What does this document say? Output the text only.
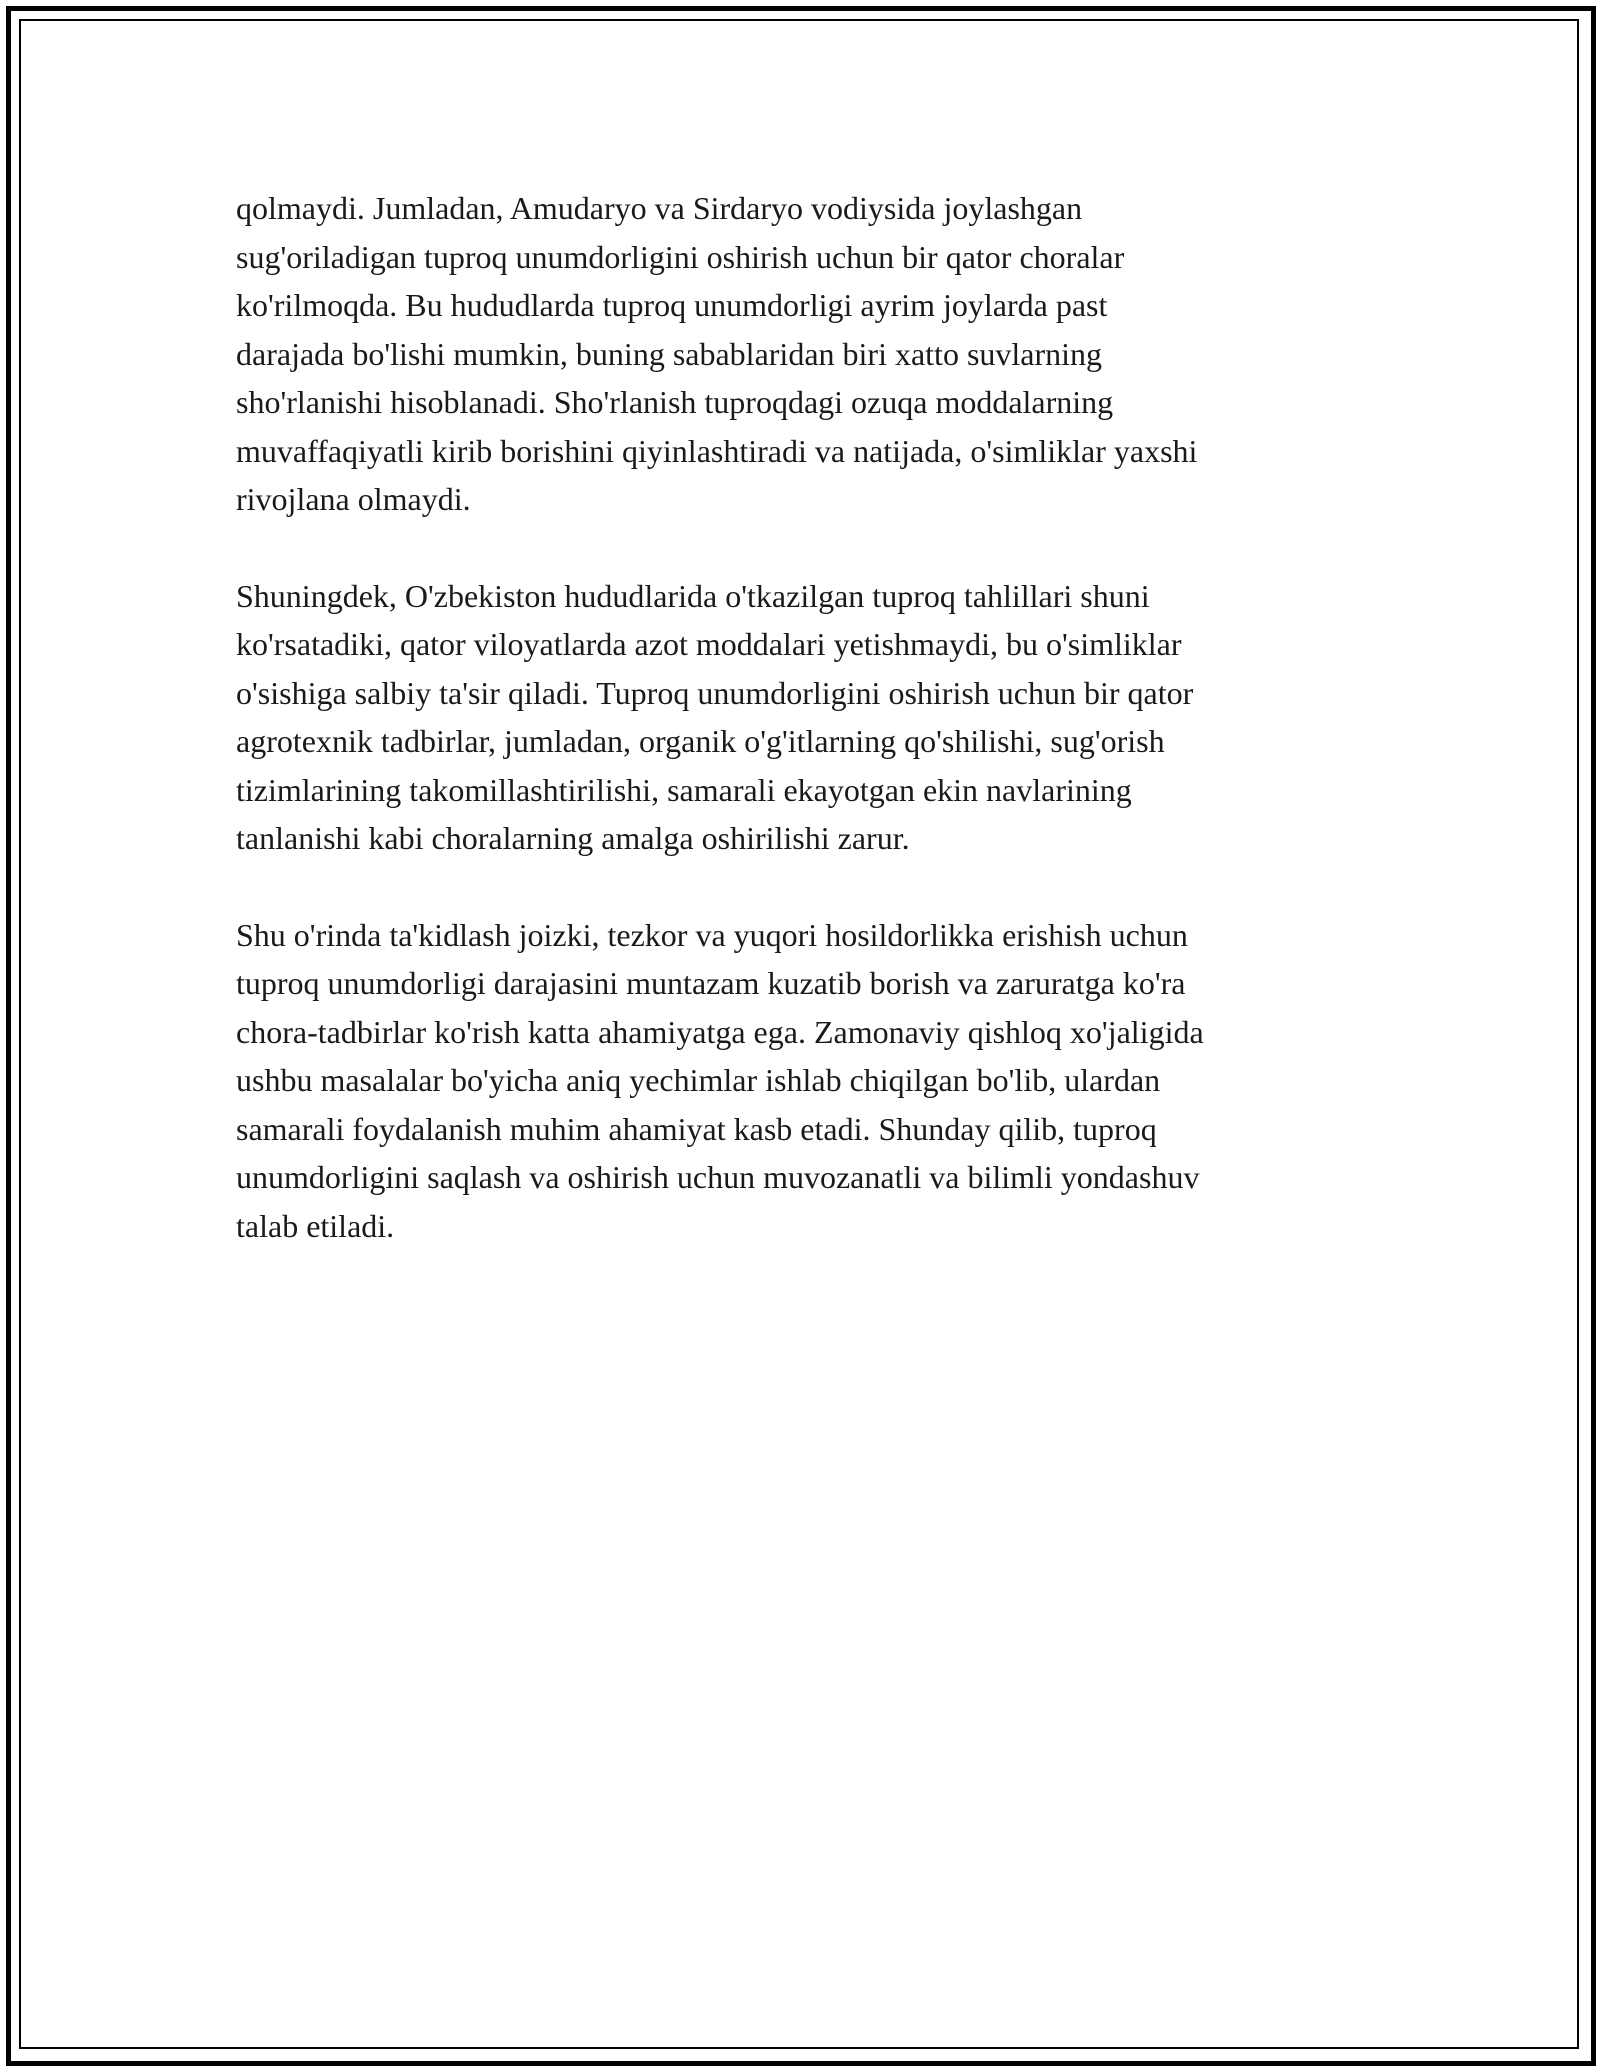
qolmaydi. Jumladan, Amudaryo va Sirdaryo vodiysida joylashgan
sug'oriladigan tuproq unumdorligini oshirish uchun bir qator choralar
ko'rilmoqda. Bu hududlarda tuproq unumdorligi ayrim joylarda past
darajada bo'lishi mumkin, buning sabablaridan biri xatto suvlarning
sho'rlanishi hisoblanadi. Sho'rlanish tuproqdagi ozuqa moddalarning
muvaffaqiyatli kirib borishini qiyinlashtiradi va natijada, o'simliklar yaxshi
rivojlana olmaydi.

Shuningdek, O'zbekiston hududlarida o'tkazilgan tuproq tahlillari shuni
ko'rsatadiki, qator viloyatlarda azot moddalari yetishmaydi, bu o'simliklar
o'sishiga salbiy ta'sir qiladi. Tuproq unumdorligini oshirish uchun bir qator
agrotexnik tadbirlar, jumladan, organik o'g'itlarning qo'shilishi, sug'orish
tizimlarining takomillashtirilishi, samarali ekayotgan ekin navlarining
tanlanishi kabi choralarning amalga oshirilishi zarur.

Shu o'rinda ta'kidlash joizki, tezkor va yuqori hosildorlikka erishish uchun
tuproq unumdorligi darajasini muntazam kuzatib borish va zaruratga ko'ra
chora-tadbirlar ko'rish katta ahamiyatga ega. Zamonaviy qishloq xo'jaligida
ushbu masalalar bo'yicha aniq yechimlar ishlab chiqilgan bo'lib, ulardan
samarali foydalanish muhim ahamiyat kasb etadi. Shunday qilib, tuproq
unumdorligini saqlash va oshirish uchun muvozanatli va bilimli yondashuv
talab etiladi.
